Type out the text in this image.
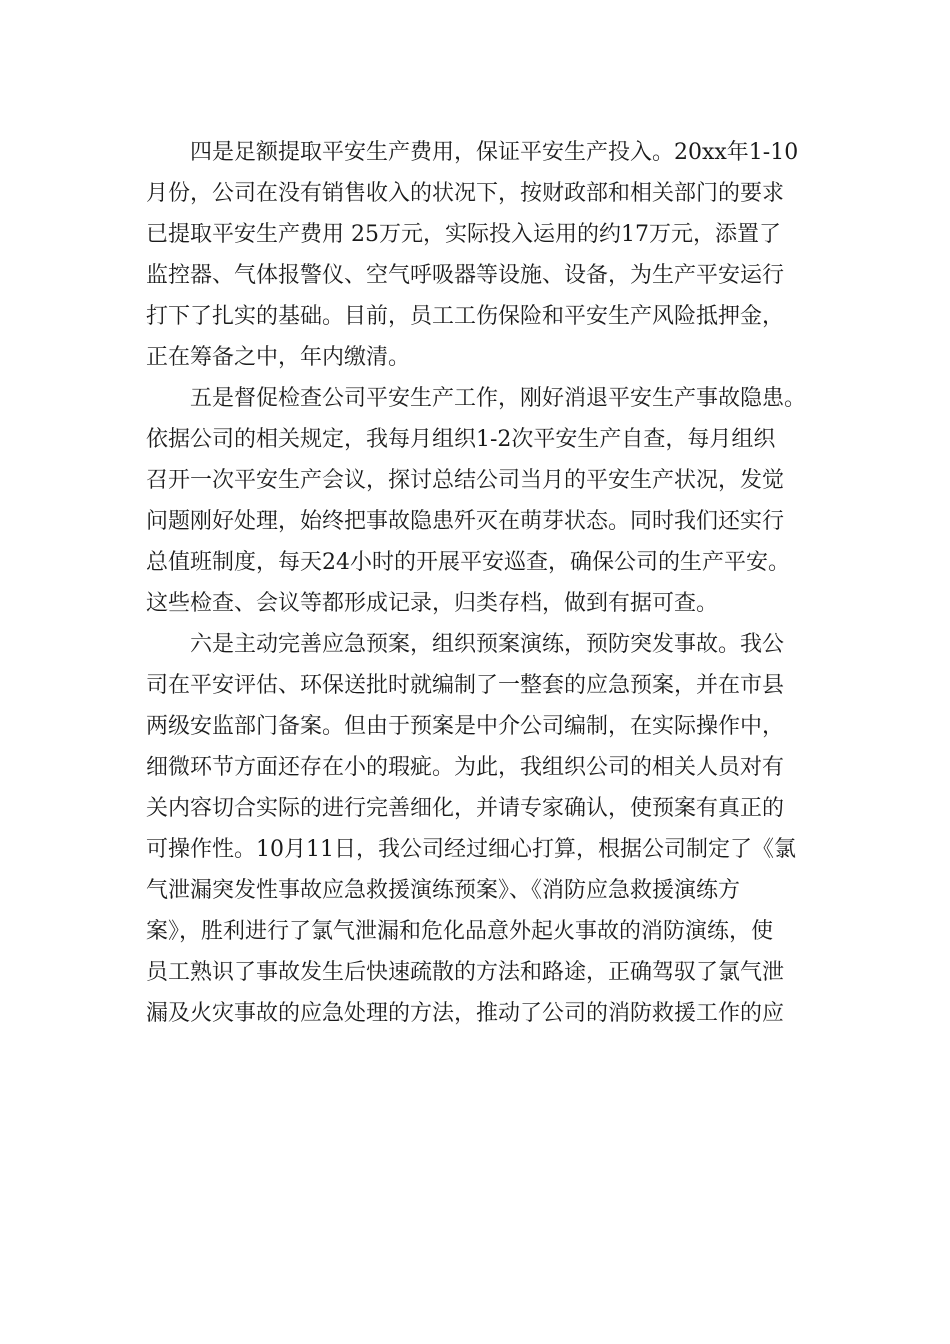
四是足额提取平安生产费用，保证平安生产投入。20xx年1-10
月份，公司在没有销售收入的状况下，按财政部和相关部门的要求
已提取平安生产费用 25万元，实际投入运用的约17万元，添置了
监控器、气体报警仪、空气呼吸器等设施、设备，为生产平安运行
打下了扎实的基础。目前，员工工伤保险和平安生产风险抵押金，
正在筹备之中，年内缴清。
五是督促检查公司平安生产工作，刚好消退平安生产事故隐患。
依据公司的相关规定，我每月组织1-2次平安生产自查，每月组织
召开一次平安生产会议，探讨总结公司当月的平安生产状况，发觉
问题刚好处理，始终把事故隐患歼灭在萌芽状态。同时我们还实行
总值班制度，每天24小时的开展平安巡查，确保公司的生产平安。
这些检查、会议等都形成记录，归类存档，做到有据可查。
六是主动完善应急预案，组织预案演练，预防突发事故。我公
司在平安评估、环保送批时就编制了一整套的应急预案，并在市县
两级安监部门备案。但由于预案是中介公司编制，在实际操作中，
细微环节方面还存在小的瑕疵。为此，我组织公司的相关人员对有
关内容切合实际的进行完善细化，并请专家确认，使预案有真正的
可操作性。10月11日，我公司经过细心打算，根据公司制定了《氯
气泄漏突发性事故应急救援演练预案》、《消防应急救援演练方
案》，胜利进行了氯气泄漏和危化品意外起火事故的消防演练，使
员工熟识了事故发生后快速疏散的方法和路途，正确驾驭了氯气泄
漏及火灾事故的应急处理的方法，推动了公司的消防救援工作的应
